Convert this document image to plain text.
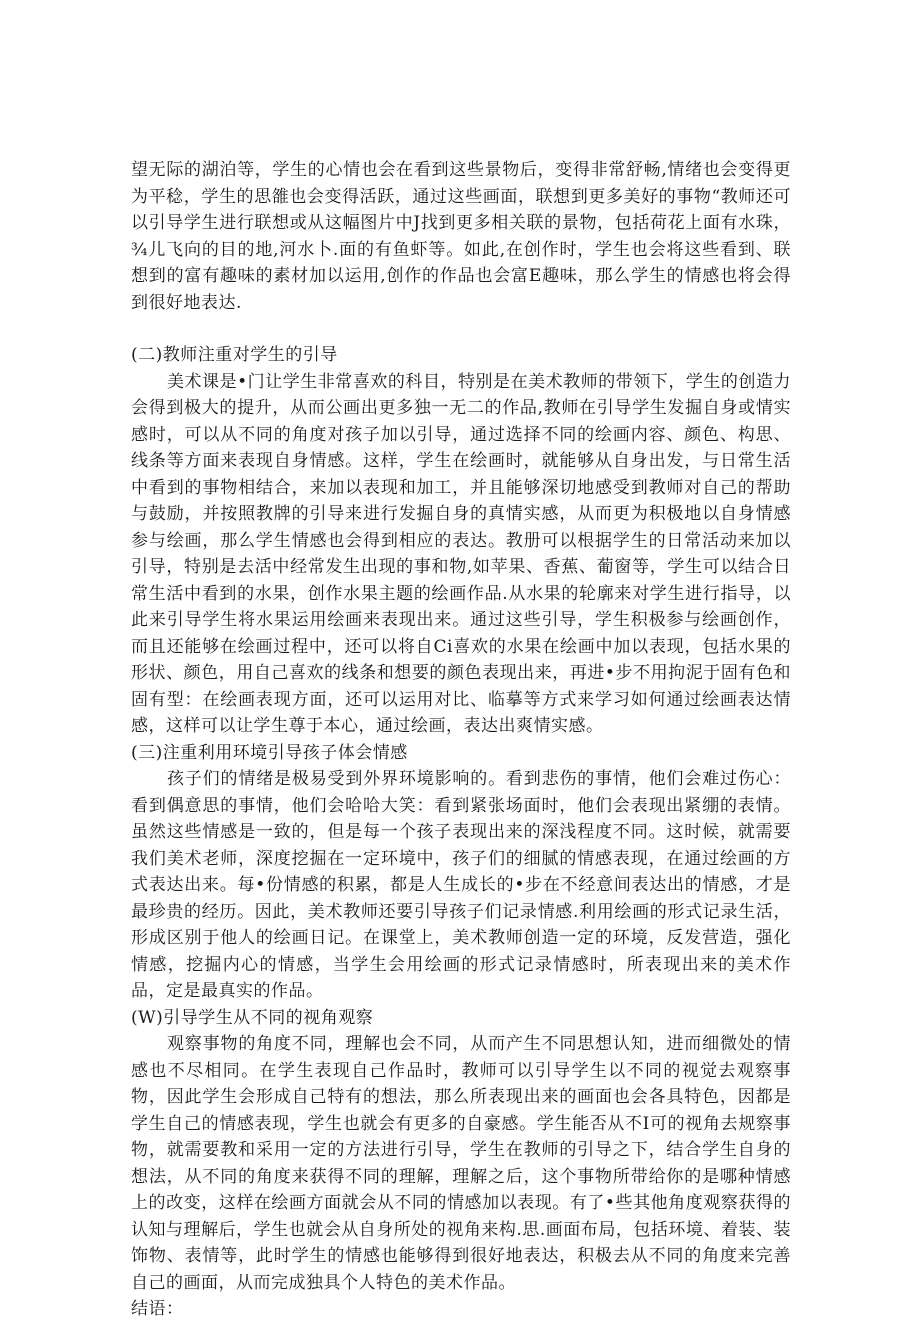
望无际的湖泊等，学生的心情也会在看到这些景物后，变得非常舒畅,情绪也会变得更为平稔，学生的思雒也会变得活跃，通过这些画面，联想到更多美好的事物“教师还可以引导学生进行联想或从这幅图片中J找到更多相关联的景物，包括荷花上面有水珠，¾儿飞向的目的地,河水卜.面的有鱼虾等。如此,在创作时，学生也会将这些看到、联想到的富有趣味的素材加以运用,创作的作品也会富E趣味，那么学生的情感也将会得到很好地表达.

(二)教师注重对学生的引导

美术课是•门让学生非常喜欢的科目，特别是在美术教师的带领下，学生的创造力会得到极大的提升，从而公画出更多独一无二的作品,教师在引导学生发掘自身或情实感时，可以从不同的角度对孩子加以引导，通过选择不同的绘画内容、颜色、构思、线条等方面来表现自身情感。这样，学生在绘画时，就能够从自身出发，与日常生活中看到的事物相结合，来加以表现和加工，并且能够深切地感受到教师对自己的帮助与鼓励，并按照教牌的引导来进行发掘自身的真情实感，从而更为积极地以自身情感参与绘画，那么学生情感也会得到相应的表达。教册可以根据学生的日常活动来加以引导，特别是去活中经常发生出现的事和物,如苹果、香蕉、葡窗等，学生可以结合日常生活中看到的水果，创作水果主题的绘画作品.从水果的轮廓来对学生进行指导，以此来引导学生将水果运用绘画来表现出来。通过这些引导，学生积极参与绘画创作，而且还能够在绘画过程中，还可以将自Ci喜欢的水果在绘画中加以表现，包括水果的形状、颜色，用自己喜欢的线条和想要的颜色表现出来，再进•步不用拘泥于固有色和固有型：在绘画表现方面，还可以运用对比、临摹等方式来学习如何通过绘画表达情感，这样可以让学生尊于本心，通过绘画，表达出爽情实感。

(三)注重利用环境引导孩子体会情感

孩子们的情绪是极易受到外界环境影响的。看到悲伤的事情，他们会难过伤心：看到偶意思的事情，他们会哈哈大笑：看到紧张场面时，他们会表现出紧绷的表情。虽然这些情感是一致的，但是每一个孩子表现出来的深浅程度不同。这时候，就需要我们美术老师，深度挖掘在一定环境中，孩子们的细腻的情感表现，在通过绘画的方式表达出来。每•份情感的积累，都是人生成长的•步在不经意间表达出的情感，才是最珍贵的经历。因此，美术教师还要引导孩子们记录情感.利用绘画的形式记录生活，形成区别于他人的绘画日记。在课堂上，美术教师创造一定的环境，反发营造，强化情感，挖掘内心的情感，当学生会用绘画的形式记录情感时，所表现出来的美术作品，定是最真实的作品。

(W)引导学生从不同的视角观察

观察事物的角度不同，理解也会不同，从而产生不同思想认知，进而细微处的情感也不尽相同。在学生表现自己作品时，教师可以引导学生以不同的视觉去观察事物，因此学生会形成自己特有的想法，那么所表现出来的画面也会各具特色，因都是学生自己的情感表现，学生也就会有更多的自豪感。学生能否从不I可的视角去规察事物，就需要教和采用一定的方法进行引导，学生在教师的引导之下，结合学生自身的想法，从不同的角度来获得不同的理解，理解之后，这个事物所带给你的是哪种情感上的改变，这样在绘画方面就会从不同的情感加以表现。有了•些其他角度观察获得的认知与理解后，学生也就会从自身所处的视角来构.思.画面布局，包括环境、着装、装饰物、表情等，此时学生的情感也能够得到很好地表达，积极去从不同的角度来完善自己的画面，从而完成独具个人特色的美术作品。

结语：
